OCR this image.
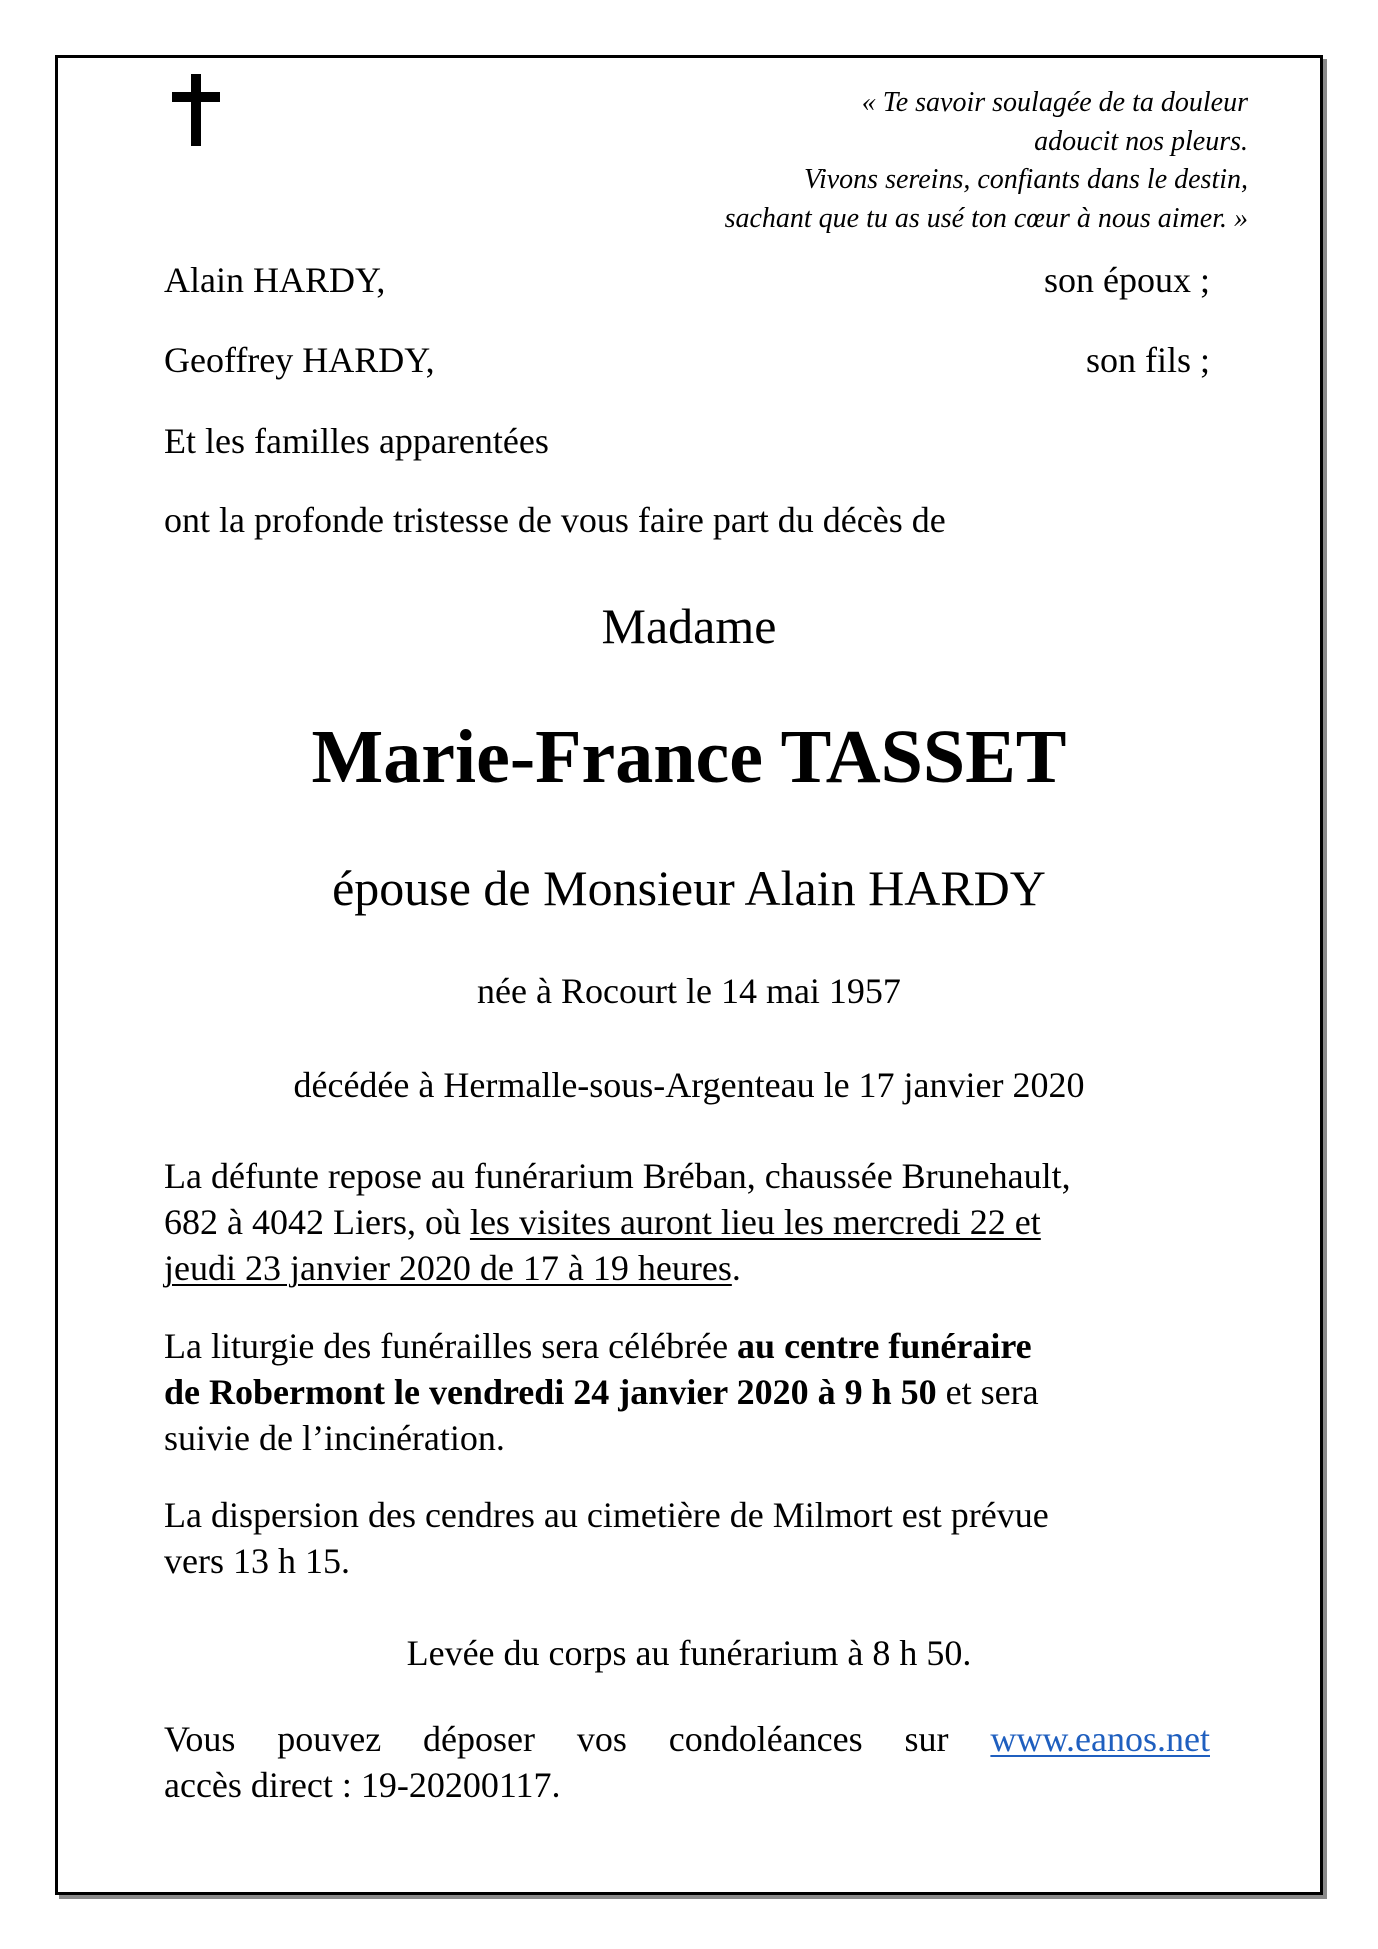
« Te savoir soulagée de ta douleur
adoucit nos pleurs.
Vivons sereins, confiants dans le destin,
sachant que tu as usé ton cœur à nous aimer. »
Alain HARDY,	son époux ;
Geoffrey HARDY,	son fils ;
Et les familles apparentées
ont la profonde tristesse de vous faire part du décès de
Madame
Marie-France TASSET
épouse de Monsieur Alain HARDY
née à Rocourt le 14 mai 1957
décédée à Hermalle-sous-Argenteau le 17 janvier 2020
La défunte repose au funérarium Bréban, chaussée Brunehault,
682 à 4042 Liers, où les visites auront lieu les mercredi 22 et
jeudi 23 janvier 2020 de 17 à 19 heures.
La liturgie des funérailles sera célébrée au centre funéraire
de Robermont le vendredi 24 janvier 2020 à 9 h 50 et sera
suivie de l’incinération.
La dispersion des cendres au cimetière de Milmort est prévue
vers 13 h 15.
Levée du corps au funérarium à 8 h 50.
Vous pouvez déposer vos condoléances sur www.eanos.net
accès direct : 19-20200117.
